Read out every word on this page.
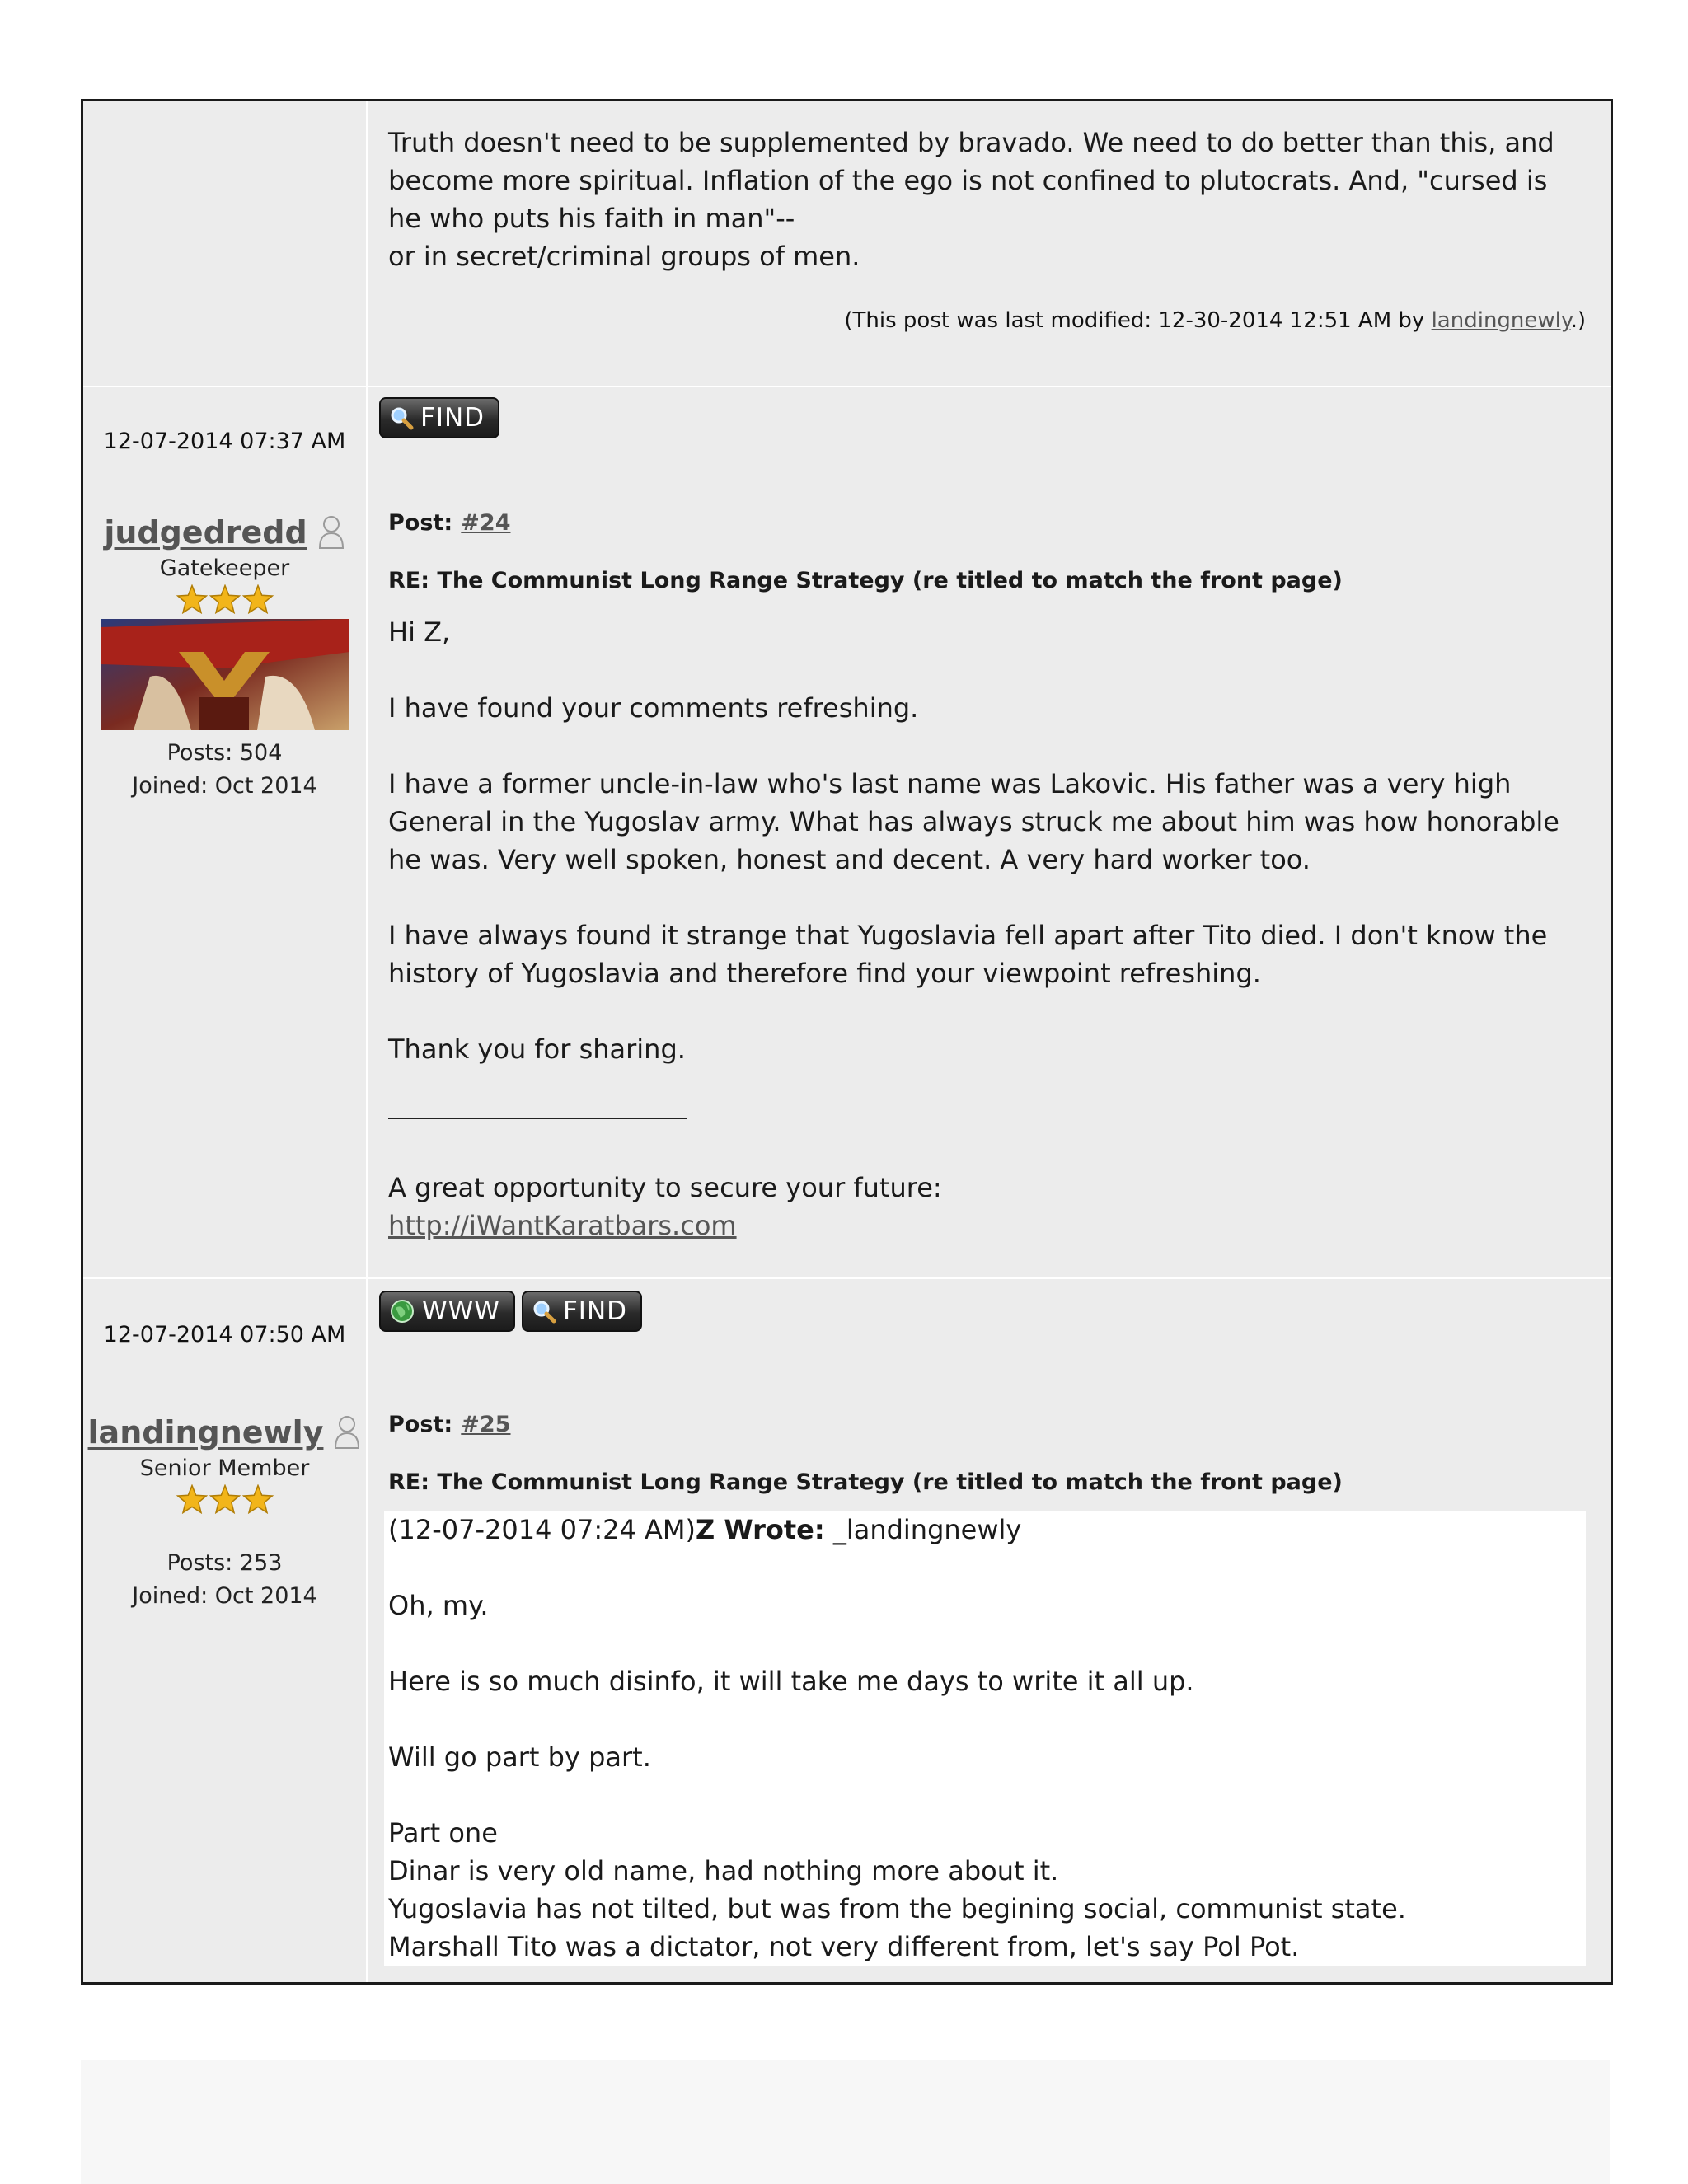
Truth doesn't need to be supplemented by bravado. We need to do better than this, and become more spiritual. Inflation of the ego is not confined to plutocrats. And, "cursed is he who puts his faith in man"--

or in secret/criminal groups of men.

(This post was last modified: 12-30-2014 12:51 AM by landingnewly.)
12-07-2014 07:37 AM
FIND
judgedredd
Gatekeeper
Posts: 504
Joined: Oct 2014
Post: #24
RE: The Communist Long Range Strategy (re titled to match the front page)

Hi Z,

I have found your comments refreshing.

I have a former uncle-in-law who's last name was Lakovic. His father was a very high General in the Yugoslav army. What has always struck me about him was how honorable he was. Very well spoken, honest and decent. A very hard worker too.

I have always found it strange that Yugoslavia fell apart after Tito died. I don't know the history of Yugoslavia and therefore find your viewpoint refreshing.

Thank you for sharing.

A great opportunity to secure your future:

http://iWantKaratbars.com
12-07-2014 07:50 AM
WWW FIND
landingnewly
Senior Member
Posts: 253
Joined: Oct 2014
Post: #25
RE: The Communist Long Range Strategy (re titled to match the front page)

(12-07-2014 07:24 AM)Z Wrote: _landingnewly

Oh, my.

Here is so much disinfo, it will take me days to write it all up.

Will go part by part.

Part one

Dinar is very old name, had nothing more about it.

Yugoslavia has not tilted, but was from the begining social, communist state.

Marshall Tito was a dictator, not very different from, let's say Pol Pot.
